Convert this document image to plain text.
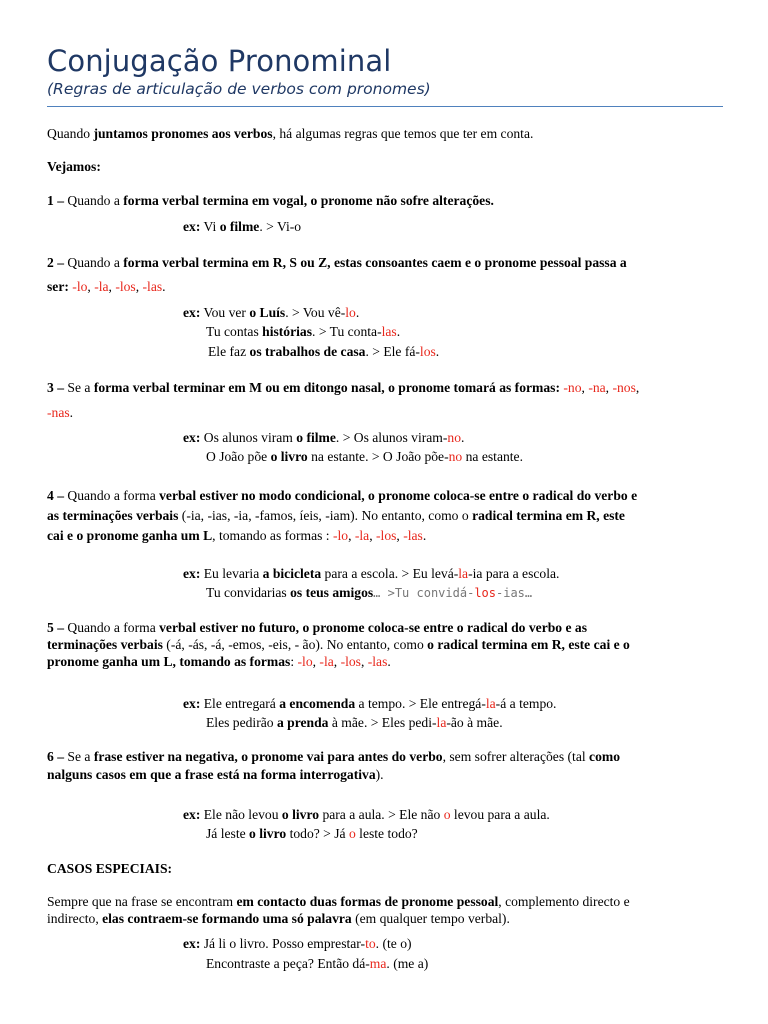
Conjugação Pronominal
(Regras de articulação de verbos com pronomes)
Quando juntamos pronomes aos verbos, há algumas regras que temos que ter em conta.
Vejamos:
1 – Quando a forma verbal termina em vogal, o pronome não sofre alterações.
ex: Vi o filme. > Vi-o
2 – Quando a forma verbal termina em R, S ou Z, estas consoantes caem e o pronome pessoal passa a
ser: -lo, -la, -los, -las.
ex: Vou ver o Luís. > Vou vê-lo.
Tu contas histórias. > Tu conta-las.
Ele faz os trabalhos de casa. > Ele fá-los.
3 – Se a forma verbal terminar em M ou em ditongo nasal, o pronome tomará as formas: -no, -na, -nos,
-nas.
ex: Os alunos viram o filme. > Os alunos viram-no.
O João põe o livro na estante. > O João põe-no na estante.
4 – Quando a forma verbal estiver no modo condicional, o pronome coloca-se entre o radical do verbo e
as terminações verbais (-ia, -ias, -ia, -famos, íeis, -iam). No entanto, como o radical termina em R, este
cai e o pronome ganha um L, tomando as formas : -lo, -la, -los, -las.
ex: Eu levaria a bicicleta para a escola. > Eu levá-la-ia para a escola.
Tu convidarias os teus amigos… >Tu convidá-los-ias…
5 – Quando a forma verbal estiver no futuro, o pronome coloca-se entre o radical do verbo e as
terminações verbais (-á, -ás, -á, -emos, -eis, - ão). No entanto, como o radical termina em R, este cai e o
pronome ganha um L, tomando as formas: -lo, -la, -los, -las.
ex: Ele entregará a encomenda a tempo. > Ele entregá-la-á a tempo.
Eles pedirão a prenda à mãe. > Eles pedi-la-ão à mãe.
6 – Se a frase estiver na negativa, o pronome vai para antes do verbo, sem sofrer alterações (tal como
nalguns casos em que a frase está na forma interrogativa).
ex: Ele não levou o livro para a aula. > Ele não o levou para a aula.
Já leste o livro todo? > Já o leste todo?
CASOS ESPECIAIS:
Sempre que na frase se encontram em contacto duas formas de pronome pessoal, complemento directo e
indirecto, elas contraem-se formando uma só palavra (em qualquer tempo verbal).
ex: Já li o livro. Posso emprestar-to. (te o)
Encontraste a peça? Então dá-ma. (me a)
